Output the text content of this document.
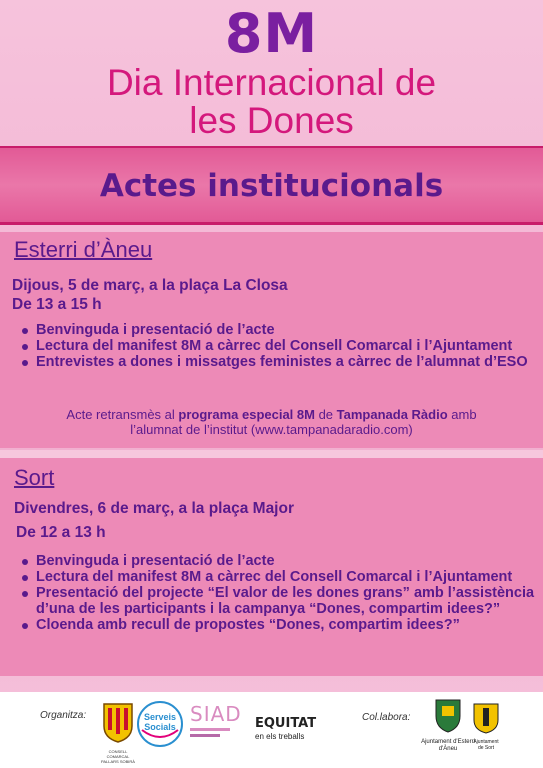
8M
Dia Internacional de
les Dones
Actes institucionals
Esterri d’Àneu
Dijous, 5 de març, a la plaça La Closa
De 13 a 15 h
Benvinguda i presentació de l’acte
Lectura del manifest 8M a càrrec del Consell Comarcal i l’Ajuntament
Entrevistes a dones i missatges feministes a càrrec de l’alumnat d’ESO
Acte retransmès al programa especial 8M de Tampanada Ràdio amb
l’alumnat de l’institut (www.tampanadaradio.com)
Sort
Divendres, 6 de març, a la plaça Major
De 12 a 13 h
Benvinguda i presentació de l’acte
Lectura del manifest 8M a càrrec del Consell Comarcal i l’Ajuntament
Presentació del projecte “El valor de les dones grans” amb l’assistència d’una de les participants i la campanya “Dones, compartim idees?”
Cloenda amb recull de propostes “Dones, compartim idees?”
Organitza:
CONSELL COMARCAL PALLARS SOBIRÀ
Serveis
Socials
SIAD EQUITAT
en els treballs
Col.labora:
Ajuntament d'Esterri d'Àneu
Ajuntament de Sort
